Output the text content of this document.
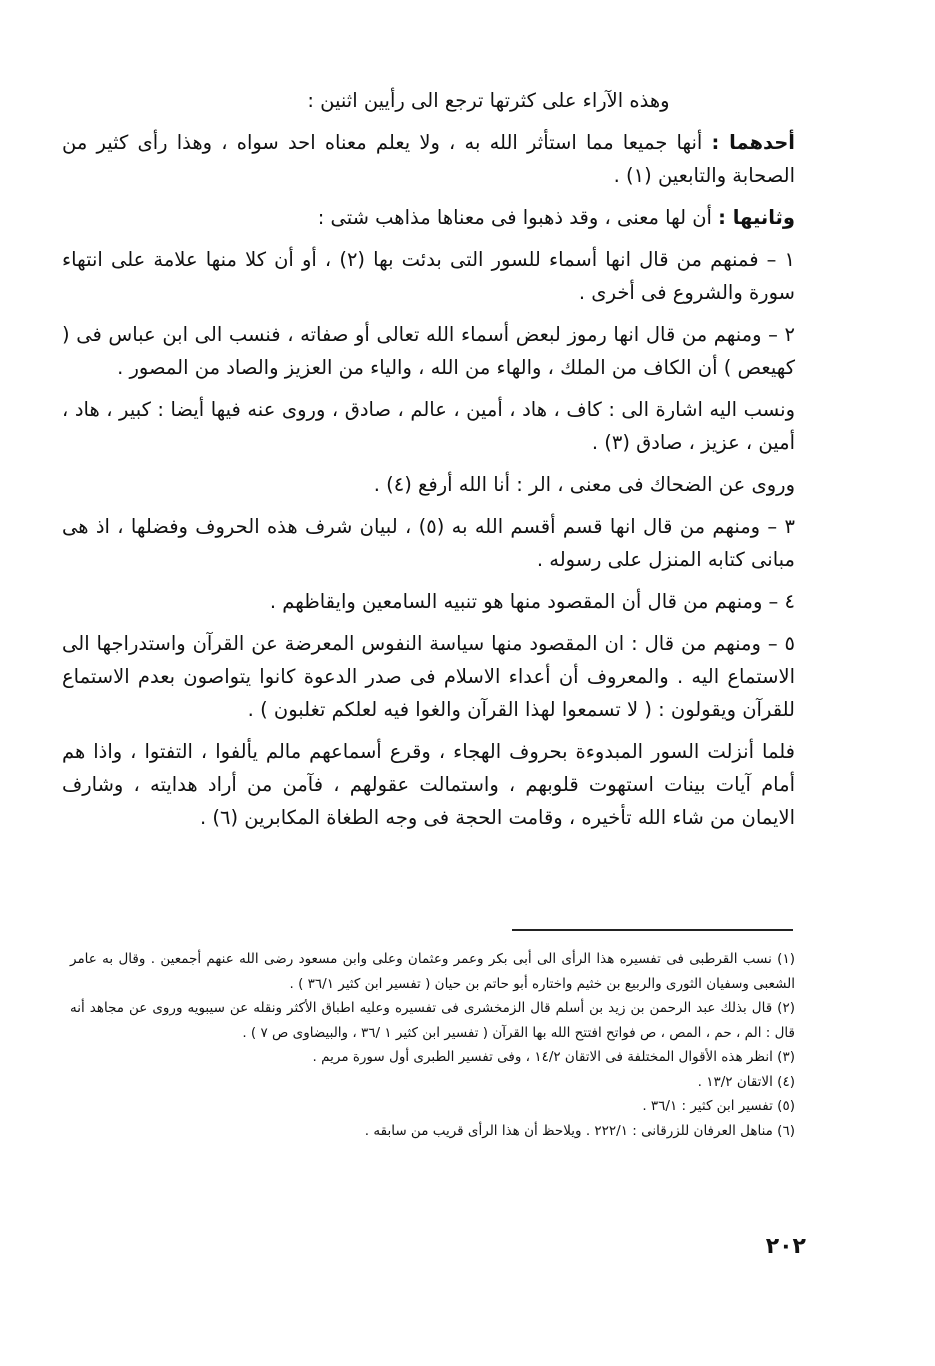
وهذه الآراء على كثرتها ترجع الى رأيين اثنين :

أحدهما : أنها جميعا مما استأثر الله به ، ولا يعلم معناه احد سواه ، وهذا رأى كثير من الصحابة والتابعين (١) .

وثانيها : أن لها معنى ، وقد ذهبوا فى معناها مذاهب شتى :

١ – فمنهم من قال انها أسماء للسور التى بدئت بها (٢) ، أو أن كلا منها علامة على انتهاء سورة والشروع فى أخرى .

٢ – ومنهم من قال انها رموز لبعض أسماء الله تعالى أو صفاته ، فنسب الى ابن عباس فى ( كهيعص ) أن الكاف من الملك ، والهاء من الله ، والياء من العزيز والصاد من المصور .

ونسب اليه اشارة الى : كاف ، هاد ، أمين ، عالم ، صادق ، وروى عنه فيها أيضا : كبير ، هاد ، أمين ، عزيز ، صادق (٣) .

وروى عن الضحاك فى معنى ، الر : أنا الله أرفع (٤) .

٣ – ومنهم من قال انها قسم أقسم الله به (٥) ، لبيان شرف هذه الحروف وفضلها ، اذ هى مبانى كتابه المنزل على رسوله .

٤ – ومنهم من قال أن المقصود منها هو تنبيه السامعين وايقاظهم .

٥ – ومنهم من قال : ان المقصود منها سياسة النفوس المعرضة عن القرآن واستدراجها الى الاستماع اليه . والمعروف أن أعداء الاسلام فى صدر الدعوة كانوا يتواصون بعدم الاستماع للقرآن ويقولون : ( لا تسمعوا لهذا القرآن والغوا فيه لعلكم تغلبون ) .

فلما أنزلت السور المبدوءة بحروف الهجاء ، وقرع أسماعهم مالم يألفوا ، التفتوا ، واذا هم أمام آيات بينات استهوت قلوبهم ، واستمالت عقولهم ، فآمن من أراد هدايته ، وشارف الايمان من شاء الله تأخيره ، وقامت الحجة فى وجه الطغاة المكابرين (٦) .

(١) نسب القرطبى فى تفسيره هذا الرأى الى أبى بكر وعمر وعثمان وعلى وابن مسعود رضى الله عنهم أجمعين . وقال به عامر الشعبى وسفيان الثورى والربيع بن خثيم واختاره أبو حاتم بن حيان ( تفسير ابن كثير ٣٦/١ ) .

(٢) قال بذلك عبد الرحمن بن زيد بن أسلم قال الزمخشرى فى تفسيره وعليه اطباق الأكثر ونقله عن سيبويه وروى عن مجاهد أنه قال : الم ، حم ، المص ، ص فواتح افتتح الله بها القرآن ( تفسير ابن كثير ١ /٣٦ ، والبيضاوى ص ٧ ) .

(٣) انظر هذه الأقوال المختلفة فى الاتقان ١٤/٢ ، وفى تفسير الطبرى أول سورة مريم .

(٤) الاتقان ١٣/٢ .

(٥) تفسير ابن كثير : ٣٦/١ .

(٦) مناهل العرفان للزرقانى : ٢٢٢/١ . ويلاحظ أن هذا الرأى قريب من سابقه .

٢٠٢
